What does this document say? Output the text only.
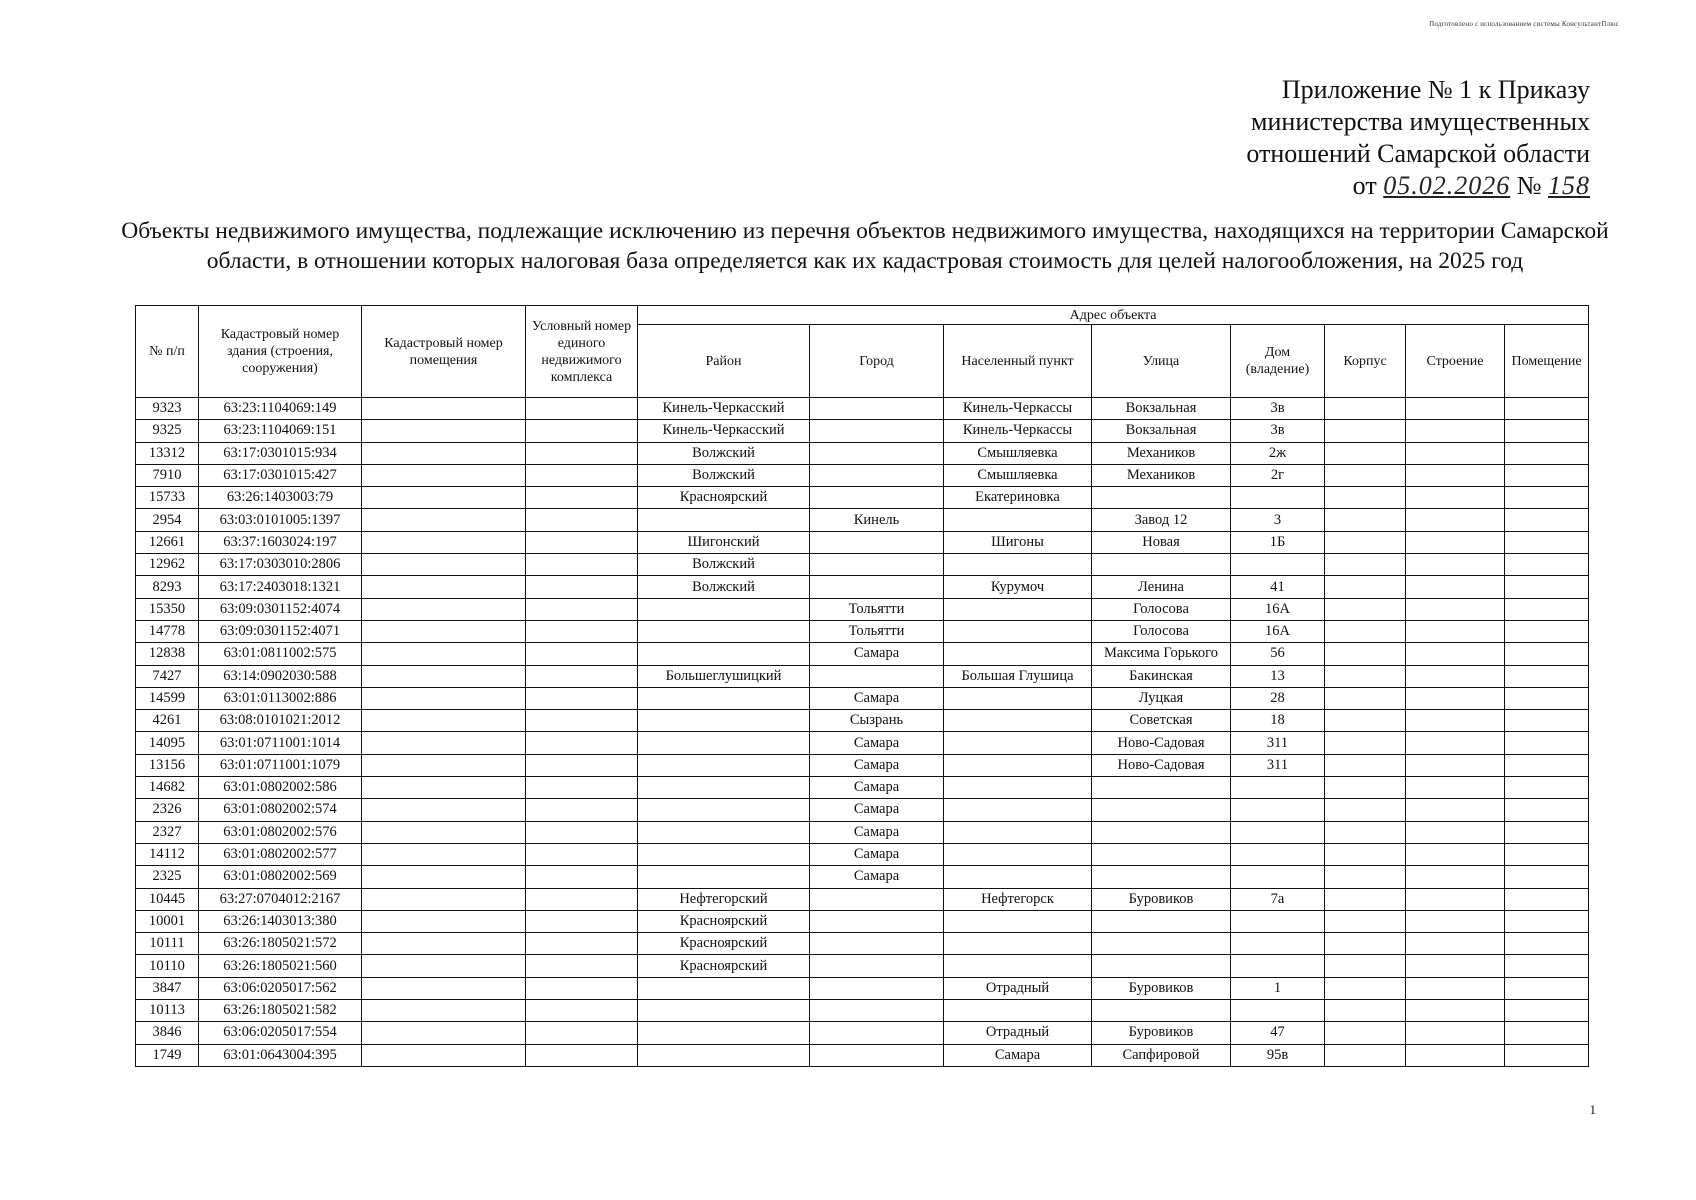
Подготовлено с использованием системы КонсультантПлюс
Приложение № 1 к Приказу
министерства имущественных
отношений Самарской области
от 05.02.2026 № 158
Объекты недвижимого имущества, подлежащие исключению из перечня объектов недвижимого имущества, находящихся на территории Самарской области, в отношении которых налоговая база определяется как их кадастровая стоимость для целей налогообложения, на 2025 год
№ п/п	Кадастровый номер здания (строения, сооружения)	Кадастровый номер помещения	Условный номер единого недвижимого комплекса	Адрес объекта							
				Район	Город	Населенный пункт	Улица	Дом (владение)	Корпус	Строение	Помещение
9323	63:23:1104069:149			Кинель-Черкасский		Кинель-Черкассы	Вокзальная	3в			
9325	63:23:1104069:151			Кинель-Черкасский		Кинель-Черкассы	Вокзальная	3в			
13312	63:17:0301015:934			Волжский		Смышляевка	Механиков	2ж			
7910	63:17:0301015:427			Волжский		Смышляевка	Механиков	2г			
15733	63:26:1403003:79			Красноярский		Екатериновка					
2954	63:03:0101005:1397				Кинель		Завод 12	3			
12661	63:37:1603024:197			Шигонский		Шигоны	Новая	1Б			
12962	63:17:0303010:2806			Волжский							
8293	63:17:2403018:1321			Волжский		Курумоч	Ленина	41			
15350	63:09:0301152:4074				Тольятти		Голосова	16А			
14778	63:09:0301152:4071				Тольятти		Голосова	16А			
12838	63:01:0811002:575				Самара		Максима Горького	56			
7427	63:14:0902030:588			Большеглушицкий		Большая Глушица	Бакинская	13			
14599	63:01:0113002:886				Самара		Луцкая	28			
4261	63:08:0101021:2012				Сызрань		Советская	18			
14095	63:01:0711001:1014				Самара		Ново-Садовая	311			
13156	63:01:0711001:1079				Самара		Ново-Садовая	311			
14682	63:01:0802002:586				Самара						
2326	63:01:0802002:574				Самара						
2327	63:01:0802002:576				Самара						
14112	63:01:0802002:577				Самара						
2325	63:01:0802002:569				Самара						
10445	63:27:0704012:2167			Нефтегорский		Нефтегорск	Буровиков	7а			
10001	63:26:1403013:380			Красноярский							
10111	63:26:1805021:572			Красноярский							
10110	63:26:1805021:560			Красноярский							
3847	63:06:0205017:562					Отрадный	Буровиков	1			
10113	63:26:1805021:582										
3846	63:06:0205017:554					Отрадный	Буровиков	47			
1749	63:01:0643004:395					Самара	Сапфировой	95в			
1
